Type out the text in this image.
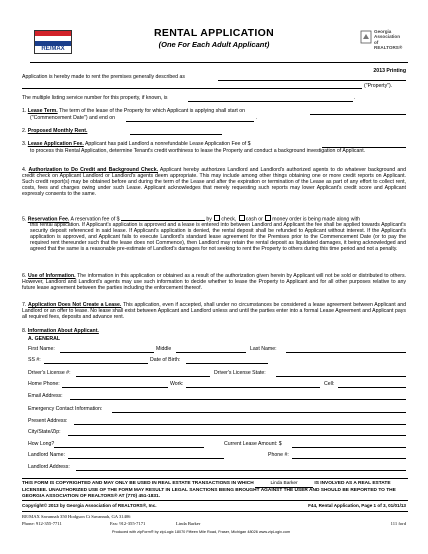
RE/MAX
Georgia
Association
of REALTORS®
RENTAL APPLICATION
(One For Each Adult Applicant)
2013 Printing
Application is hereby made to rent the premises generally described as
("Property").
The multiple listing service number for this property, if known, is	.
1. Lease Term. The term of the lease of the Property for which Applicant is applying shall start on
("Commencement Date") and end on	.
2. Proposed Monthly Rent.
3. Lease Application Fee. Applicant has paid Landlord a nonrefundable Lease Application Fee of $
to process this Rental Application, determine Tenant's credit worthiness to lease the Property and conduct a background investigation of Applicant.
4. Authorization to Do Credit and Background Check. Applicant hereby authorizes Landlord and Landlord's authorized agents to do whatever background and credit check on Applicant Landlord or Landlord's agents deem appropriate. This may include among other things obtaining one or more credit reports on Applicant. Such credit report(s) may be obtained before and during the term of the Lease and after the expiration or termination of the Lease as part of any effort to collect rent, costs, fees and charges owing under such Lease. Applicant acknowledges that merely requesting such reports may lower Applicant's credit score and Applicant expressly consents to the same.
5. Reservation Fee. A reservation fee of $	by check, cash or money order is being made along with
this rental application. If Applicant's application is approved and a lease is entered into between Landlord and Applicant the fee shall be applied towards Applicant's security deposit referenced in said lease. If Applicant's application is denied, the rental deposit shall be refunded to Applicant without interest. If the Applicant's application is approved, and Applicant fails to execute Landlord's standard lease agreement for the Premises prior to the Commencement Date (or to pay the required rent thereunder such that the lease does not Commence), then Landlord may retain the rental deposit as liquidated damages, it being acknowledged and agreed that the same is a reasonable pre-estimate of Landlord's damages for not seeking to rent the Property to others during this time period and not a penalty.
6. Use of Information. The information in this application or obtained as a result of the authorization given herein by Applicant will not be sold or distributed to others. However, Landlord and Landlord's agents may use such information to decide whether to lease the Property to Applicant and for all other purposes relative to any future lease agreement between the parties including the enforcement thereof.
7. Application Does Not Create a Lease. This application, even if accepted, shall under no circumstances be considered a lease agreement between Applicant and Landlord or an offer to lease. No lease shall exist between Applicant and Landlord unless and until the parties enter into a formal Lease Agreement and Applicant pays all required fees, deposits and advance rent.
8. Information About Applicant.
A. GENERAL
First Name:	Middle	Last Name:
SS #:	Date of Birth:
Driver's License #:	Driver's License State:
Home Phone:	Work:	Cell:
Email Address:
Emergency Contact Information:
Present Address:
City/State/Zip:
How Long?	Current Lease Amount: $
Landlord Name:	Phone #:
Landlord Address:
THIS FORM IS COPYRIGHTED AND MAY ONLY BE USED IN REAL ESTATE TRANSACTIONS IN WHICH	Linda Barker	IS INVOLVED AS A REAL ESTATE LICENSEE. UNAUTHORIZED USE OF THE FORM MAY RESULT IN LEGAL SANCTIONS BEING BROUGHT AGAINST THE USER AND SHOULD BE REPORTED TO THE GEORGIA ASSOCIATION OF REALTORS® AT (770) 451-1831.
Copyright© 2013 by Georgia Association of REALTORS®, Inc.	F44, Rental Application, Page 1 of 3, 01/01/13
RE/MAX Savannah 350 Hodgson Ct Savannah, GA 31406
Phone: 912-355-7711	Fax: 912-355-7171	Linda Barker	111 ford
Produced with zipForm® by zipLogix 18070 Fifteen Mile Road, Fraser, Michigan 48026 www.zipLogix.com
